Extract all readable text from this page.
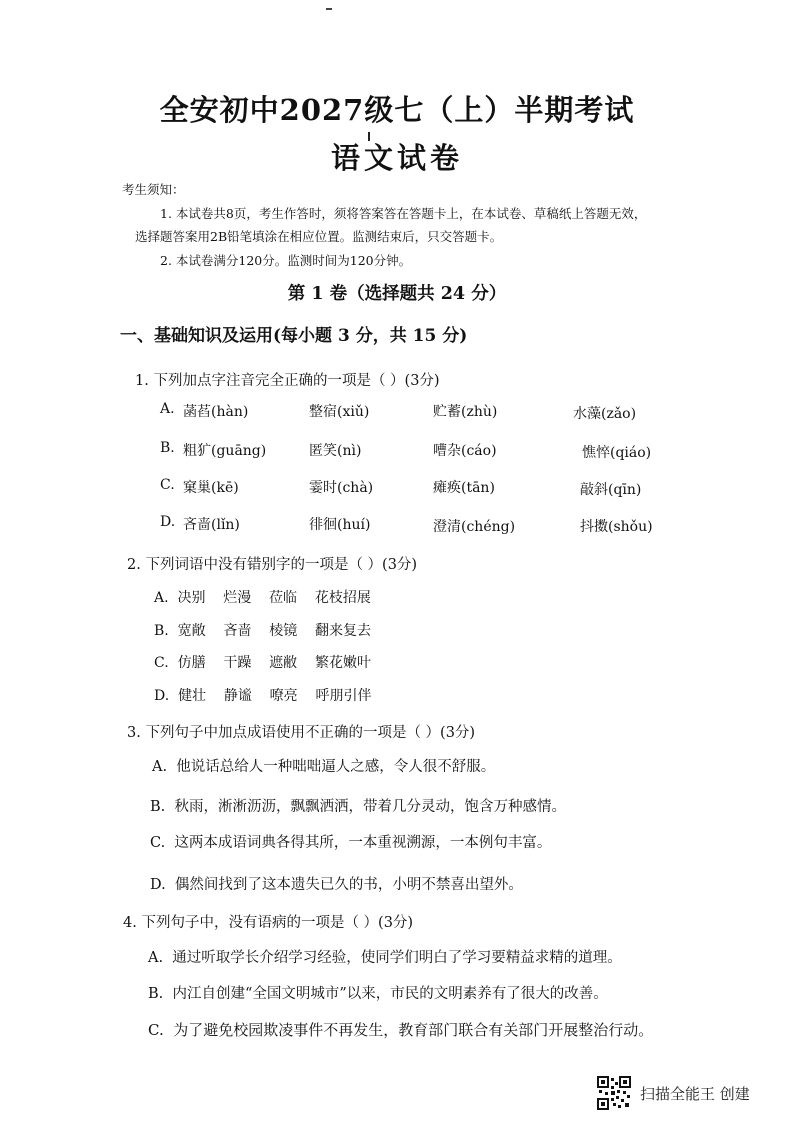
全安初中2027级七（上）半期考试
语文试卷
考生须知：
1. 本试卷共8页，考生作答时，须将答案答在答题卡上，在本试卷、草稿纸上答题无效，
选择题答案用2B铅笔填涂在相应位置。监测结束后，只交答题卡。
2. 本试卷满分120分。监测时间为120分钟。
第 1 卷（选择题共 24 分）
一、基础知识及运用(每小题 3 分，共 15 分)
1. 下列加点字注音完全正确的一项是（ ）(3分)
A. 菡萏(hàn)	整宿(xiǔ)	贮蓄(zhù)	水藻(zǎo)
B. 粗犷(guāng)	匿笑(nì)	嘈杂(cáo)	憔悴(qiáo)
C. 窠巢(kē)	霎时(chà)	瘫痪(tān)	敲斜(qīn)
D. 吝啬(lǐn)	徘徊(huí)	澄清(chéng)	抖擞(shǒu)
2. 下列词语中没有错别字的一项是（ ）(3分)
A.  决别    烂漫    莅临    花枝招展
B.  宽敞    吝啬    棱镜    翻来复去
C.  仿膳    干躁    遮敝    繁花嫩叶
D.  健壮    静谧    嘹亮    呼朋引伴
3. 下列句子中加点成语使用不正确的一项是（ ）(3分)
A.  他说话总给人一种咄咄逼人之感，令人很不舒服。
B.  秋雨，淅淅沥沥，飘飘洒洒，带着几分灵动，饱含万种感情。
C.  这两本成语词典各得其所，一本重视溯源，一本例句丰富。
D.  偶然间找到了这本遗失已久的书，小明不禁喜出望外。
4. 下列句子中，没有语病的一项是（ ）(3分)
A.  通过听取学长介绍学习经验，使同学们明白了学习要精益求精的道理。
B.  内江自创建“全国文明城市”以来，市民的文明素养有了很大的改善。
C.  为了避免校园欺凌事件不再发生，教育部门联合有关部门开展整治行动。
扫描全能王 创建
